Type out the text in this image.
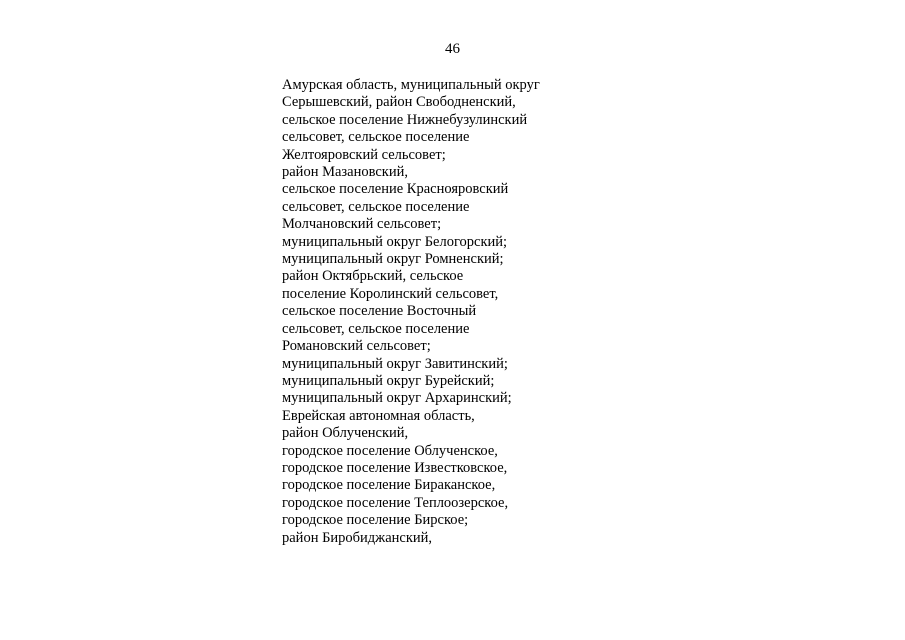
46
Амурская область, муниципальный округ
Серышевский, район Свободненский,
сельское поселение Нижнебузулинский
сельсовет, сельское поселение
Желтояровский сельсовет;
район Мазановский,
сельское поселение Краснояровский
сельсовет, сельское поселение
Молчановский сельсовет;
муниципальный округ Белогорский;
муниципальный округ Ромненский;
район Октябрьский, сельское
поселение Королинский сельсовет,
сельское поселение Восточный
сельсовет, сельское поселение
Романовский сельсовет;
муниципальный округ Завитинский;
муниципальный округ Бурейский;
муниципальный округ Архаринский;
Еврейская автономная область,
район Облученский,
городское поселение Облученское,
городское поселение Известковское,
городское поселение Бираканское,
городское поселение Теплоозерское,
городское поселение Бирское;
район Биробиджанский,
